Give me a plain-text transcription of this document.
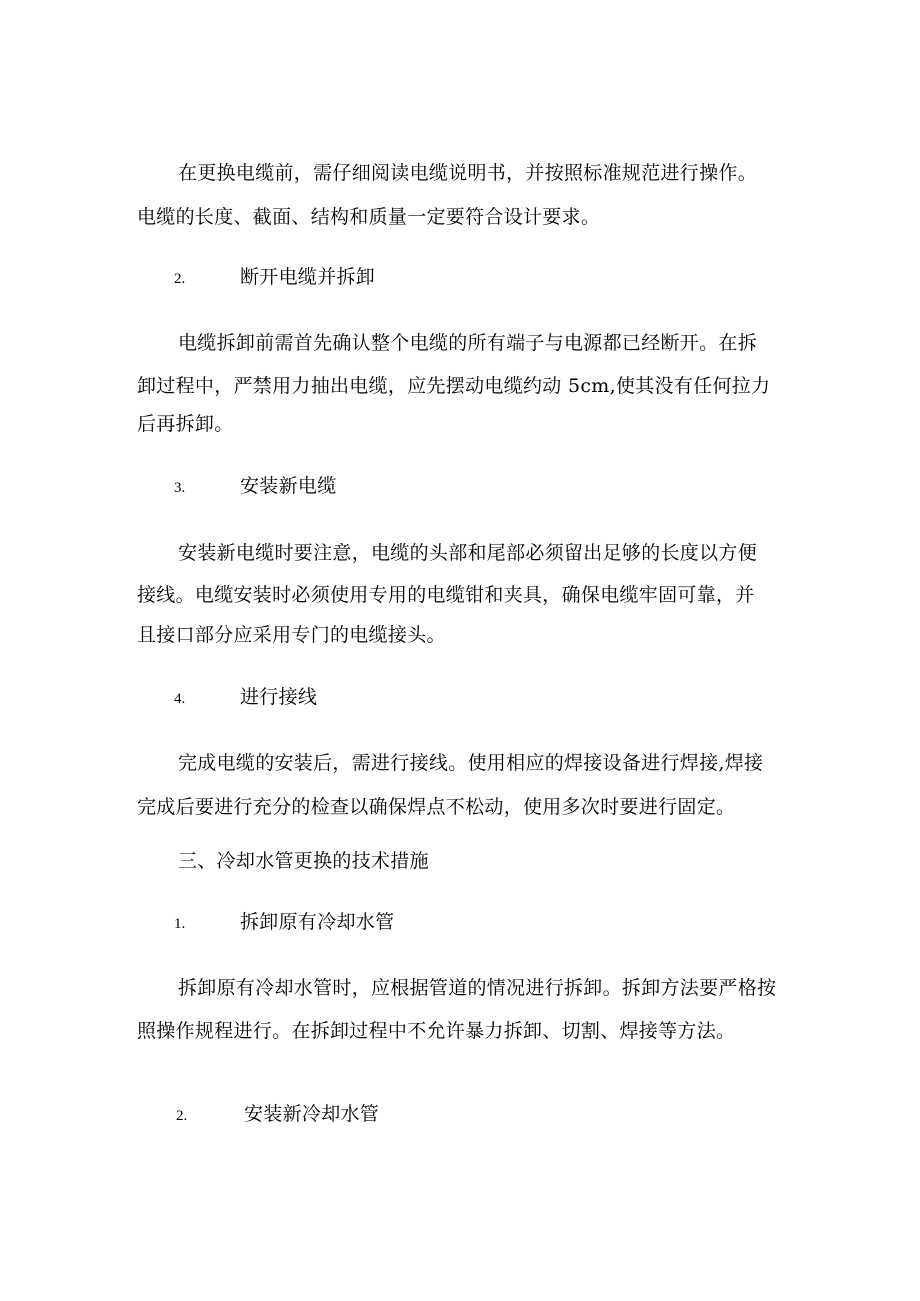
在更换电缆前，需仔细阅读电缆说明书，并按照标准规范进行操作。

电缆的长度、截面、结构和质量一定要符合设计要求。

2.	断开电缆并拆卸

电缆拆卸前需首先确认整个电缆的所有端子与电源都已经断开。在拆

卸过程中，严禁用力抽出电缆，应先摆动电缆约动 5cm,使其没有任何拉力

后再拆卸。

3.	安装新电缆

安装新电缆时要注意，电缆的头部和尾部必须留出足够的长度以方便

接线。电缆安装时必须使用专用的电缆钳和夹具，确保电缆牢固可靠，并

且接口部分应采用专门的电缆接头。

4.	进行接线

完成电缆的安装后，需进行接线。使用相应的焊接设备进行焊接,焊接

完成后要进行充分的检查以确保焊点不松动，使用多次时要进行固定。

三、冷却水管更换的技术措施

1.	拆卸原有冷却水管

拆卸原有冷却水管时，应根据管道的情况进行拆卸。拆卸方法要严格按

照操作规程进行。在拆卸过程中不允许暴力拆卸、切割、焊接等方法。

2.	安装新冷却水管
